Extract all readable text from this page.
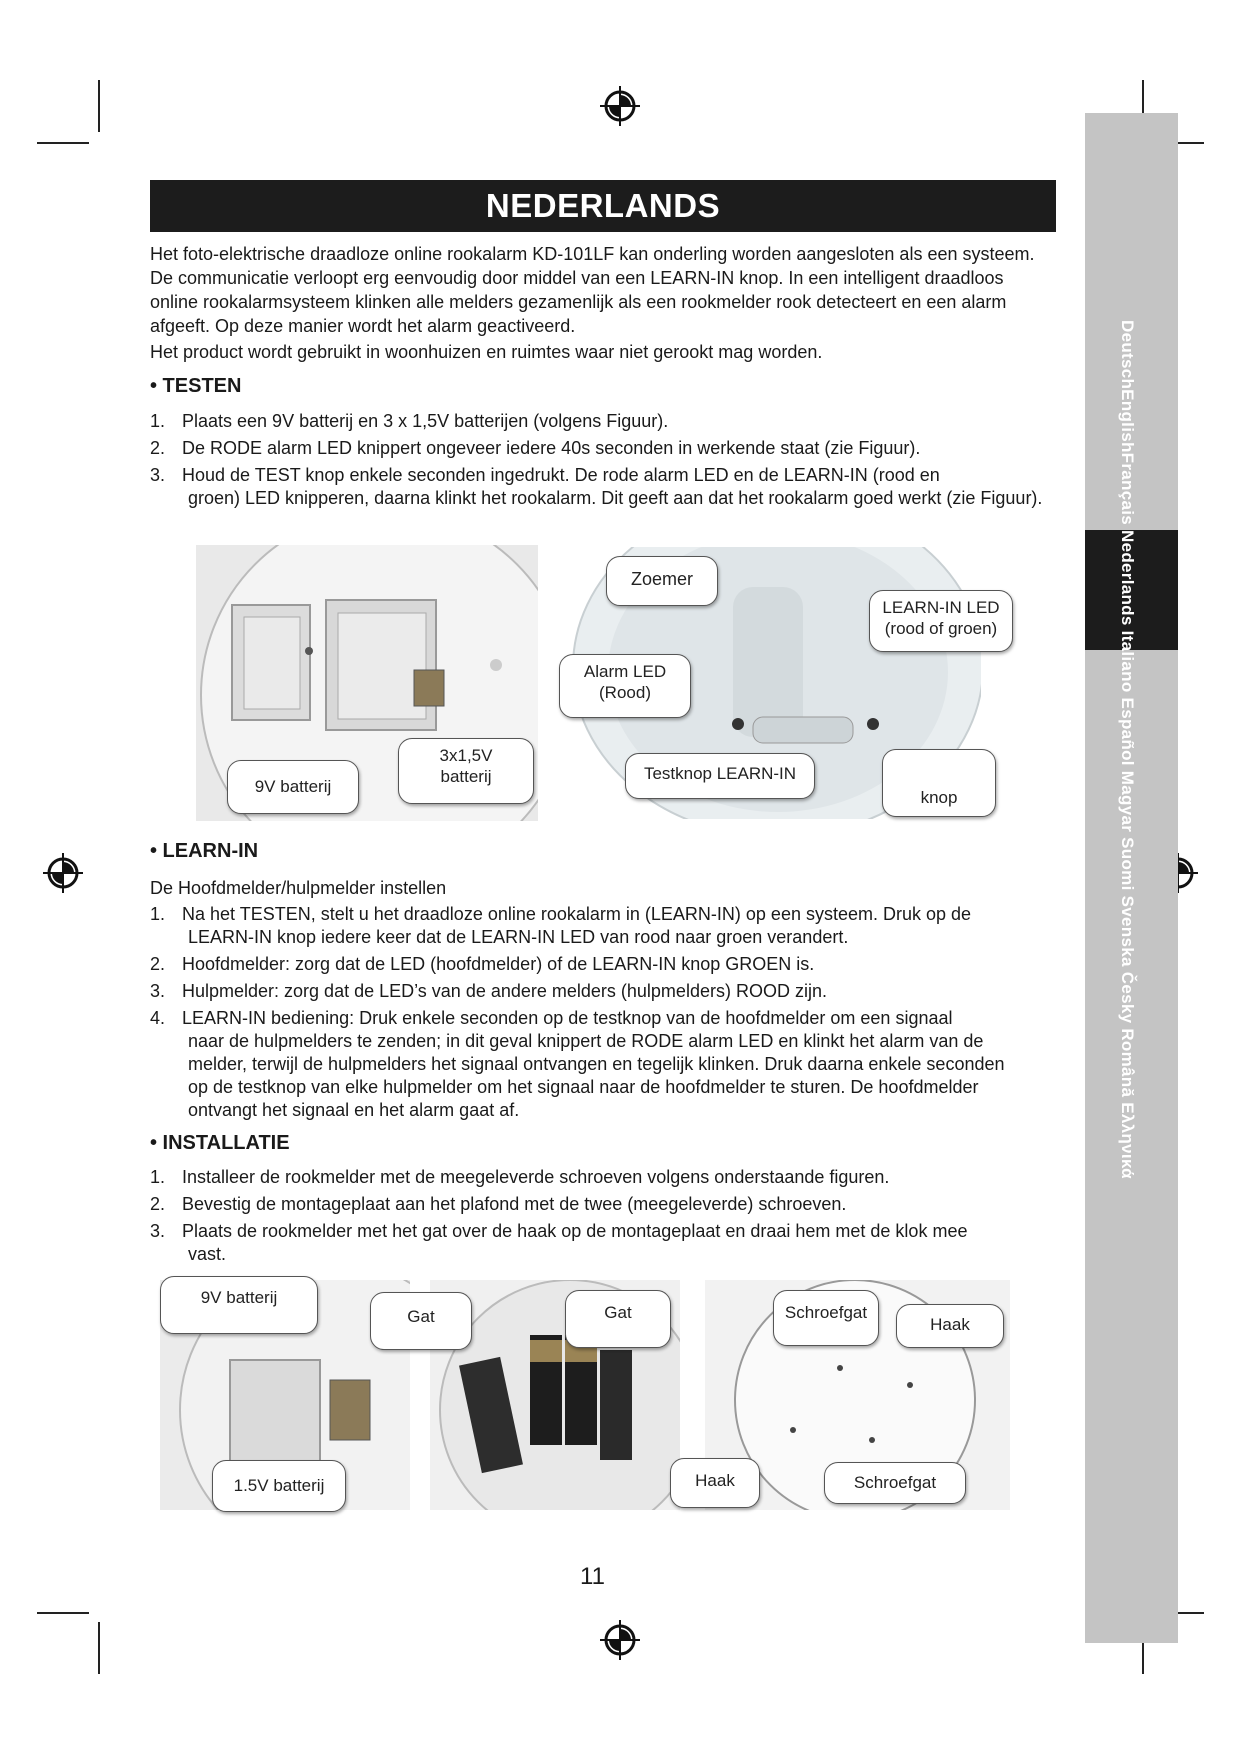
DeutschEnglishFrançais Nederlands Italiano Español Magyar Suomi Svenska Česky Română Ελληνικά
NEDERLANDS

Het foto-elektrische draadloze online rookalarm KD-101LF kan onderling worden aangesloten als een systeem. De communicatie verloopt erg eenvoudig door middel van een LEARN-IN knop. In een intelligent draadloos online rookalarmsysteem klinken alle melders gezamenlijk als een rookmelder rook detecteert en een alarm afgeeft. Op deze manier wordt het alarm geactiveerd.

Het product wordt gebruikt in woonhuizen en ruimtes waar niet gerookt mag worden.

• TESTEN
1. Plaats een 9V batterij en 3 x 1,5V batterijen (volgens Figuur).
2. De RODE alarm LED knippert ongeveer iedere 40s seconden in werkende staat (zie Figuur).
3. Houd de TEST knop enkele seconden ingedrukt. De rode alarm LED en de LEARN-IN (rood en
groen) LED knipperen, daarna klinkt het rookalarm. Dit geeft aan dat het rookalarm goed werkt (zie Figuur).
9V batterij
3x1,5V
batterij
Zoemer
LEARN-IN LED
(rood of groen)
Alarm LED
(Rood)
Testknop LEARN-IN
knop
• LEARN-IN

De Hoofdmelder/hulpmelder instellen

1. Na het TESTEN, stelt u het draadloze online rookalarm in (LEARN-IN) op een systeem. Druk op de
LEARN-IN knop iedere keer dat de LEARN-IN LED van rood naar groen verandert.
2. Hoofdmelder: zorg dat de LED (hoofdmelder) of de LEARN-IN knop GROEN is.
3. Hulpmelder: zorg dat de LED’s van de andere melders (hulpmelders) ROOD zijn.
4. LEARN-IN bediening: Druk enkele seconden op de testknop van de hoofdmelder om een signaal
naar de hulpmelders te zenden; in dit geval knippert de RODE alarm LED en klinkt het alarm van de melder, terwijl de hulpmelders het signaal ontvangen en tegelijk klinken. Druk daarna enkele seconden op de testknop van elke hulpmelder om het signaal naar de hoofdmelder te sturen. De hoofdmelder ontvangt het signaal en het alarm gaat af.
• INSTALLATIE
1. Installeer de rookmelder met de meegeleverde schroeven volgens onderstaande figuren.
2. Bevestig de montageplaat aan het plafond met de twee (meegeleverde) schroeven.
3. Plaats de rookmelder met het gat over de haak op de montageplaat en draai hem met de klok mee
vast.
9V batterij
1.5V batterij
Gat	Gat	Schroefgat
Haak
Haak	Schroefgat
11
